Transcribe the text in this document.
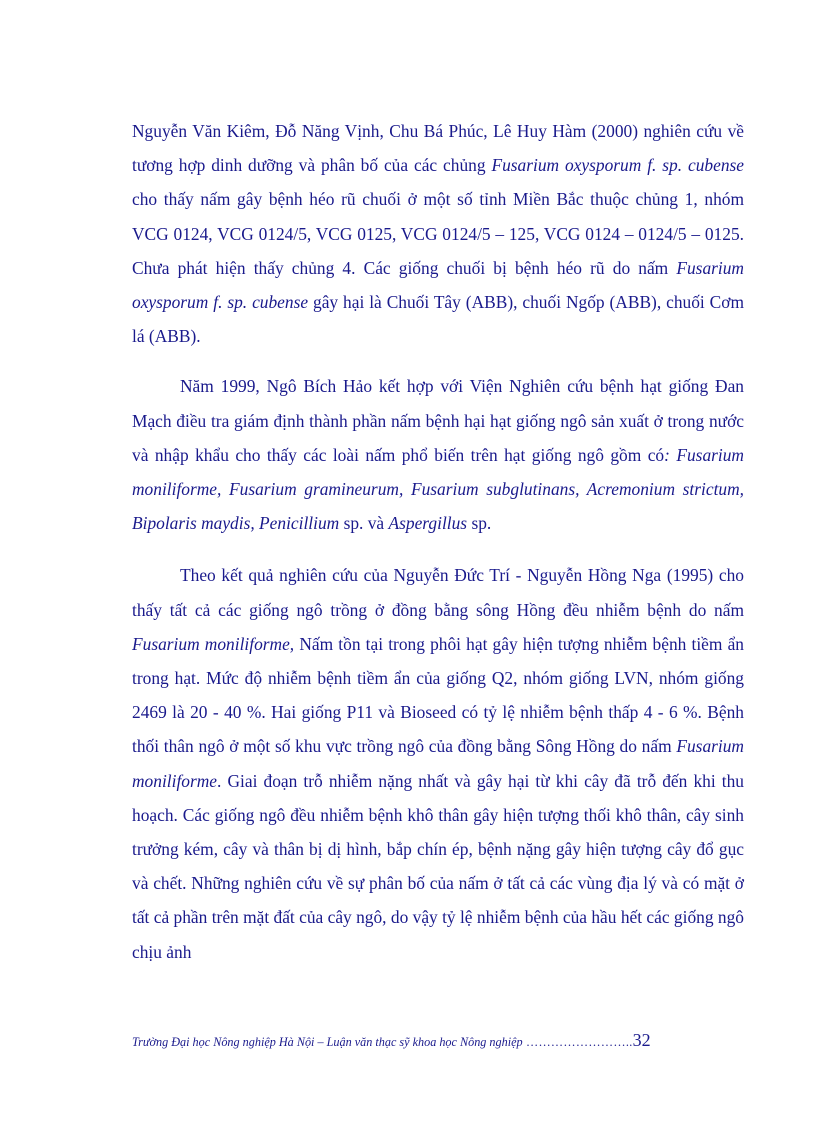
Nguyễn Văn Kiêm, Đỗ Năng Vịnh, Chu Bá Phúc, Lê Huy Hàm (2000) nghiên cứu về tương hợp dinh dưỡng và phân bố của các chủng Fusarium oxysporum f. sp. cubense cho thấy nấm gây bệnh héo rũ chuối ở một số tỉnh Miền Bắc thuộc chủng 1, nhóm VCG 0124, VCG 0124/5, VCG 0125, VCG 0124/5 – 125, VCG 0124 – 0124/5 – 0125. Chưa phát hiện thấy chủng 4. Các giống chuối bị bệnh héo rũ do nấm Fusarium oxysporum f. sp. cubense gây hại là Chuối Tây (ABB), chuối Ngốp (ABB), chuối Cơm lá (ABB).

Năm 1999, Ngô Bích Hảo kết hợp với Viện Nghiên cứu bệnh hạt giống Đan Mạch điều tra giám định thành phần nấm bệnh hại hạt giống ngô sản xuất ở trong nước và nhập khẩu cho thấy các loài nấm phổ biến trên hạt giống ngô gồm có: Fusarium moniliforme, Fusarium gramineurum, Fusarium subglutinans, Acremonium strictum, Bipolaris maydis, Penicillium sp. và Aspergillus sp.

Theo kết quả nghiên cứu của Nguyễn Đức Trí - Nguyễn Hồng Nga (1995) cho thấy tất cả các giống ngô trồng ở đồng bằng sông Hồng đều nhiễm bệnh do nấm Fusarium moniliforme, Nấm tồn tại trong phôi hạt gây hiện tượng nhiễm bệnh tiềm ẩn trong hạt. Mức độ nhiễm bệnh tiềm ẩn của giống Q2, nhóm giống LVN, nhóm giống 2469 là 20 - 40 %. Hai giống P11 và Bioseed có tỷ lệ nhiễm bệnh thấp 4 - 6 %. Bệnh thối thân ngô ở một số khu vực trồng ngô của đồng bằng Sông Hồng do nấm Fusarium moniliforme. Giai đoạn trỗ nhiễm nặng nhất và gây hại từ khi cây đã trỗ đến khi thu hoạch. Các giống ngô đều nhiễm bệnh khô thân gây hiện tượng thối khô thân, cây sinh trưởng kém, cây và thân bị dị hình, bắp chín ép, bệnh nặng gây hiện tượng cây đổ gục và chết. Những nghiên cứu về sự phân bố của nấm ở tất cả các vùng địa lý và có mặt ở tất cả phần trên mặt đất của cây ngô, do vậy tỷ lệ nhiễm bệnh của hầu hết các giống ngô chịu ảnh

Trường Đại học Nông nghiệp Hà Nội – Luận văn thạc sỹ khoa học Nông nghiệp ……………………..32
